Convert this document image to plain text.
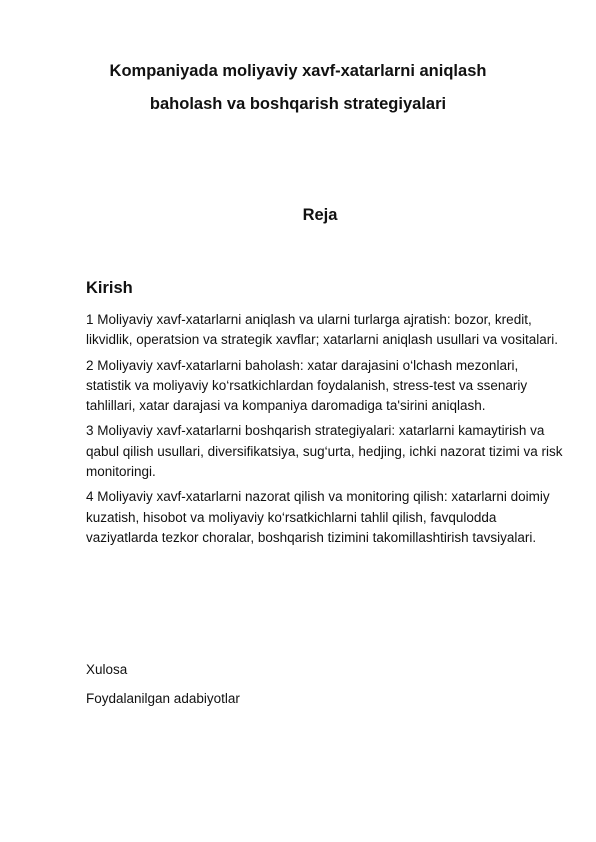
Kompaniyada moliyaviy xavf-xatarlarni aniqlash
baholash va boshqarish strategiyalari
Reja
Kirish

1 Moliyaviy xavf-xatarlarni aniqlash va ularni turlarga ajratish: bozor, kredit, likvidlik, operatsion va strategik xavflar; xatarlarni aniqlash usullari va vositalari.

2 Moliyaviy xavf-xatarlarni baholash: xatar darajasini o‘lchash mezonlari, statistik va moliyaviy ko‘rsatkichlardan foydalanish, stress-test va ssenariy tahlillari, xatar darajasi va kompaniya daromadiga ta'sirini aniqlash.

3 Moliyaviy xavf-xatarlarni boshqarish strategiyalari: xatarlarni kamaytirish va qabul qilish usullari, diversifikatsiya, sug‘urta, hedjing, ichki nazorat tizimi va risk monitoringi.

4 Moliyaviy xavf-xatarlarni nazorat qilish va monitoring qilish: xatarlarni doimiy kuzatish, hisobot va moliyaviy ko‘rsatkichlarni tahlil qilish, favqulodda vaziyatlarda tezkor choralar, boshqarish tizimini takomillashtirish tavsiyalari.

Xulosa
Foydalanilgan adabiyotlar
